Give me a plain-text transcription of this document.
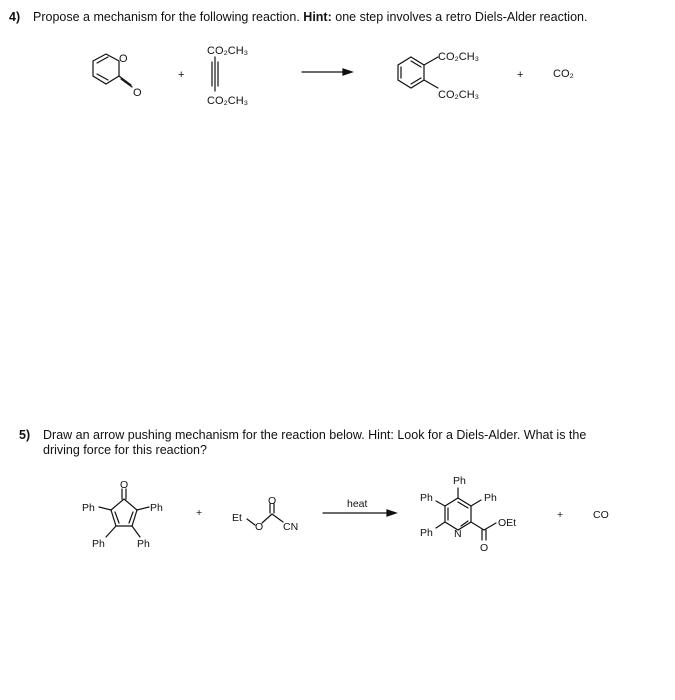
4) Propose a mechanism for the following reaction. Hint: one step involves a retro Diels-Alder reaction.
5) Draw an arrow pushing mechanism for the reaction below. Hint: Look for a Diels-Alder. What is the
driving force for this reaction?
O
O
+
CO₂CH₃
CO₂CH₃
CO₂CH₃
CO₂CH₃
+	CO₂
O
Ph	Ph
Ph	Ph
+
O
Et
O CN
heat
Ph
Ph	Ph
Ph N
OEt
O
+	CO
